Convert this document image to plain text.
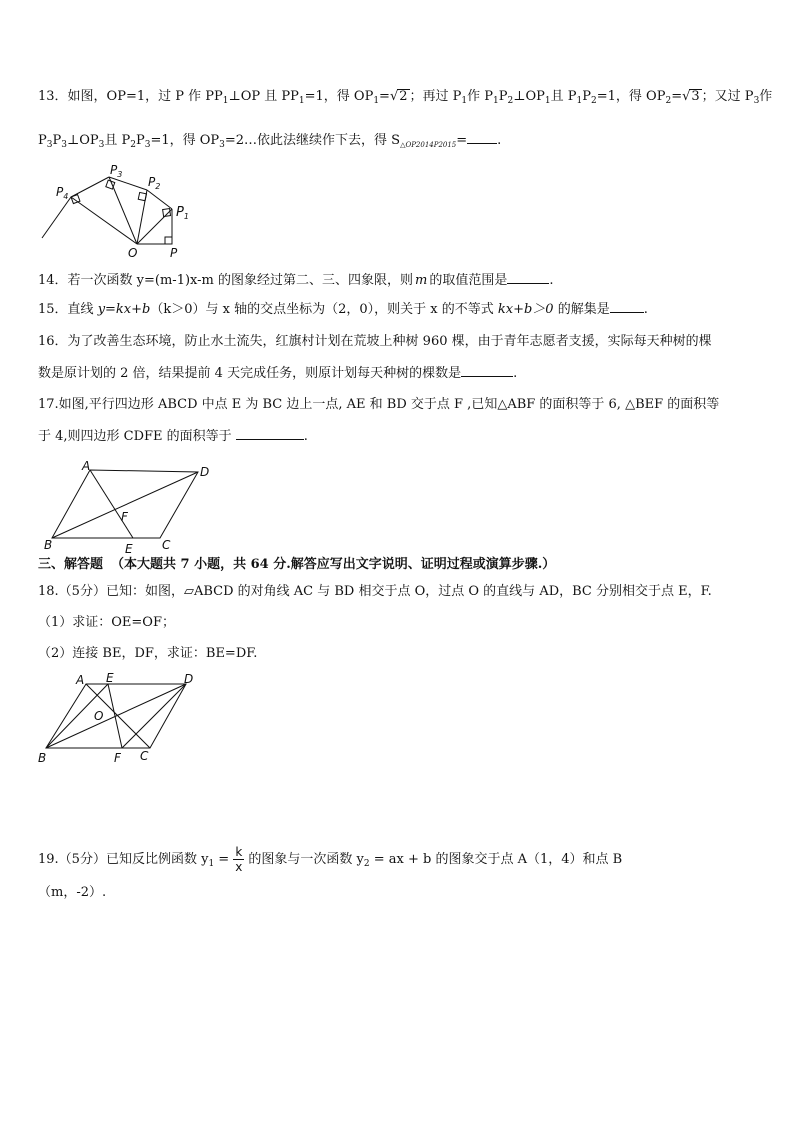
13．如图，OP=1，过 P 作 $PP_1\perp OP$ 且 $PP_1=1$，得 $OP_1=√2$ ；再过 $P_1$作 $P_1P_2\perp OP_1$且 $P_1P_2=1$，得 $OP_2=√3$ ；又过 $P_3$作
$P_3P_3\perp OP_3$且 $P_2P_3=1$，得 $OP_3=2\dots$依此法继续作下去，得 $S_{\triangle OP2014P2015}=$ .
$P_4$
$P_3$
$P_2$
$P_1$
O	P
14．若一次函数 y=(m-1)x-m 的图象经过第二、三、四象限，则 m 的取值范围是	.
15．直线 y=kx+b（k＞0）与 x 轴的交点坐标为（2，0），则关于 x 的不等式 kx+b＞0 的解集是	.
16．为了改善生态环境，防止水土流失，红旗村计划在荒坡上种树 960 棵，由于青年志愿者支援，实际每天种树的棵
数是原计划的 2 倍，结果提前 4 天完成任务，则原计划每天种树的棵数是	.
17.如图,平行四边形 ABCD 中点 E 为 BC 边上一点, AE 和 BD 交于点 F ,已知△ABF 的面积等于 6, △BEF 的面积等
于 4,则四边形 CDFE 的面积等于	.
A	D
B	C
E
F
三、解答题 （本大题共 7 小题，共 64 分.解答应写出文字说明、证明过程或演算步骤.）
18.（5分）已知：如图，▱ABCD 的对角线 AC 与 BD 相交于点 O，过点 O 的直线与 AD，BC 分别相交于点 E，F.
（1）求证：OE=OF；
（2）连接 BE，DF，求证：BE=DF.
A E	D
O
B	F C
19.（5分）已知反比例函数 $y_1 = \frac{k}{x}$ 的图象与一次函数 $y_2$ = ax + b 的图象交于点 A（1，4）和点 B
（m，-2）.
